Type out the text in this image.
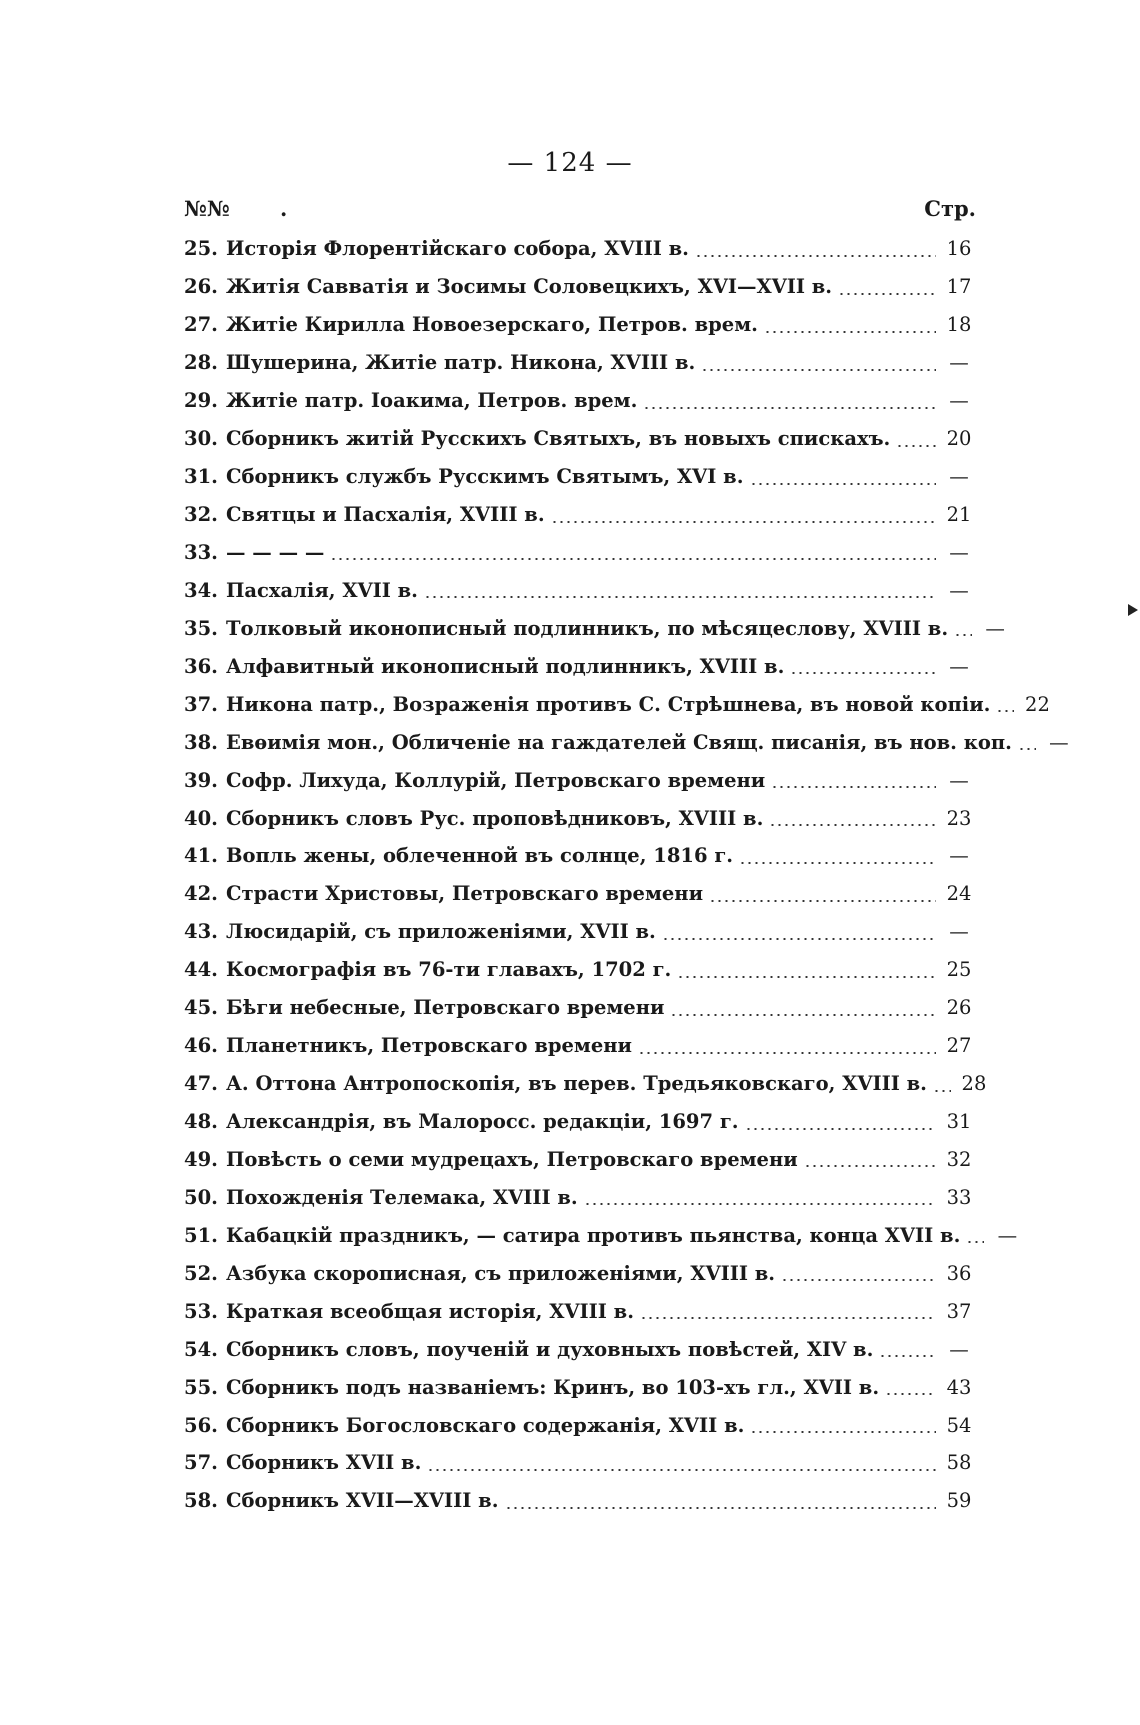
— 124 —
№№ .	Стр.
25. Исторія Флорентійскаго собора, XVIII в.	16
26. Житія Савватія и Зосимы Соловецкихъ, XVI—XVII в.	17
27. Житіе Кирилла Новоезерскаго, Петров. врем.	18
28. Шушерина, Житіе патр. Никона, XVIII в.	—
29. Житіе патр. Іоакима, Петров. врем.	—
30. Сборникъ житій Русскихъ Святыхъ, въ новыхъ спискахъ.	20
31. Сборникъ службъ Русскимъ Святымъ, XVI в.	—
32. Святцы и Пасхалія, XVIII в.	21
33. — — — —	—
34. Пасхалія, XVII в.	—
35. Толковый иконописный подлинникъ, по мѣсяцеслову, XVIII в.	—
36. Алфавитный иконописный подлинникъ, XVIII в.	—
37. Никона патр., Возраженія противъ С. Стрѣшнева, въ новой копіи. 22
38. Евѳимія мон., Обличеніе на гаждателей Свящ. писанія, въ нов. коп.	—
39. Софр. Лихуда, Коллурій, Петровскаго времени	—
40. Сборникъ словъ Рус. проповѣдниковъ, XVIII в.	23
41. Вопль жены, облеченной въ солнце, 1816 г.	—
42. Страсти Христовы, Петровскаго времени	24
43. Люсидарій, съ приложеніями, XVII в.	—
44. Космографія въ 76-ти главахъ, 1702 г.	25
45. Бѣги небесные, Петровскаго времени	26
46. Планетникъ, Петровскаго времени	27
47. А. Оттона Антропоскопія, въ перев. Тредьяковскаго, XVIII в. 28
48. Александрія, въ Малоросс. редакціи, 1697 г.	31
49. Повѣсть о семи мудрецахъ, Петровскаго времени	32
50. Похожденія Телемака, XVIII в.	33
51. Кабацкій праздникъ, — сатира противъ пьянства, конца XVII в.	—
52. Азбука скорописная, съ приложеніями, XVIII в.	36
53. Краткая всеобщая исторія, XVIII в.	37
54. Сборникъ словъ, поученій и духовныхъ повѣстей, XIV в.	—
55. Сборникъ подъ названіемъ: Кринъ, во 103-хъ гл., XVII в.	43
56. Сборникъ Богословскаго содержанія, XVII в.	54
57. Сборникъ XVII в.	58
58. Сборникъ XVII—XVIII в.	59
